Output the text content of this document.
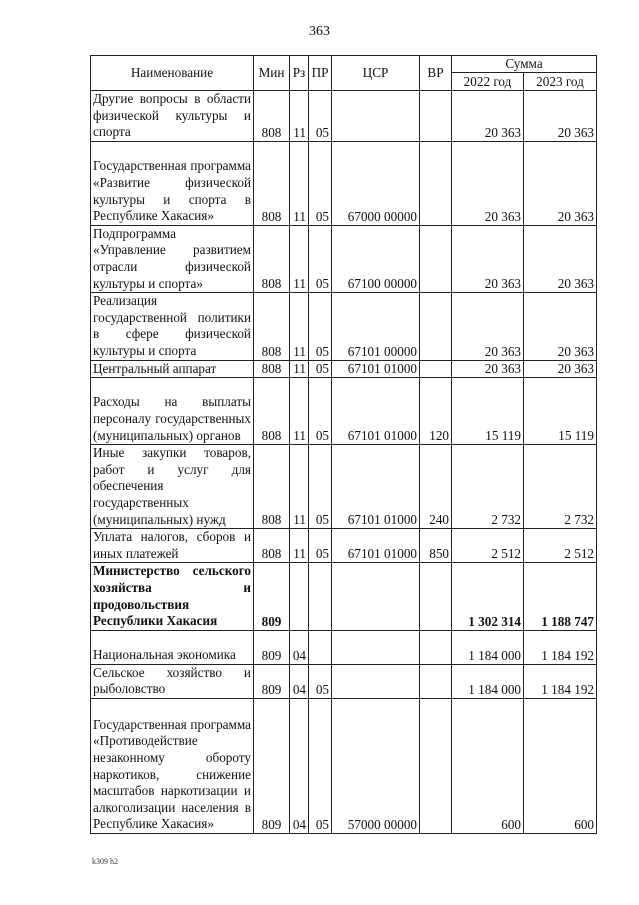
363
Наименование	Мин	Рз	ПР	ЦСР	ВР	Сумма	
						2022 год	2023 год
Другие вопросы в области физической культуры и спорта	808	11	05			20 363	20 363
Государственная программа «Развитие физической культуры и спорта в Республике Хакасия»	808	11	05	67000 00000		20 363	20 363
Подпрограмма «Управление развитием отрасли физической культуры и спорта»	808	11	05	67100 00000		20 363	20 363
Реализация государственной политики в сфере физической культуры и спорта	808	11	05	67101 00000		20 363	20 363
Центральный аппарат	808	11	05	67101 01000		20 363	20 363
Расходы на выплаты персоналу государственных (муниципальных) органов	808	11	05	67101 01000	120	15 119	15 119
Иные закупки товаров, работ и услуг для обеспечения государственных (муниципальных) нужд	808	11	05	67101 01000	240	2 732	2 732
Уплата налогов, сборов и иных платежей	808	11	05	67101 01000	850	2 512	2 512
Министерство сельского хозяйства и продовольствия Республики Хакасия	809					1 302 314	1 188 747
Национальная экономика	809	04				1 184 000	1 184 192
Сельское хозяйство и рыболовство	809	04	05			1 184 000	1 184 192
Государственная программа «Противодействие незаконному обороту наркотиков, снижение масштабов наркотизации и алкоголизации населения в Республике Хакасия»	809	04	05	57000 00000		600	600
k309 h2
